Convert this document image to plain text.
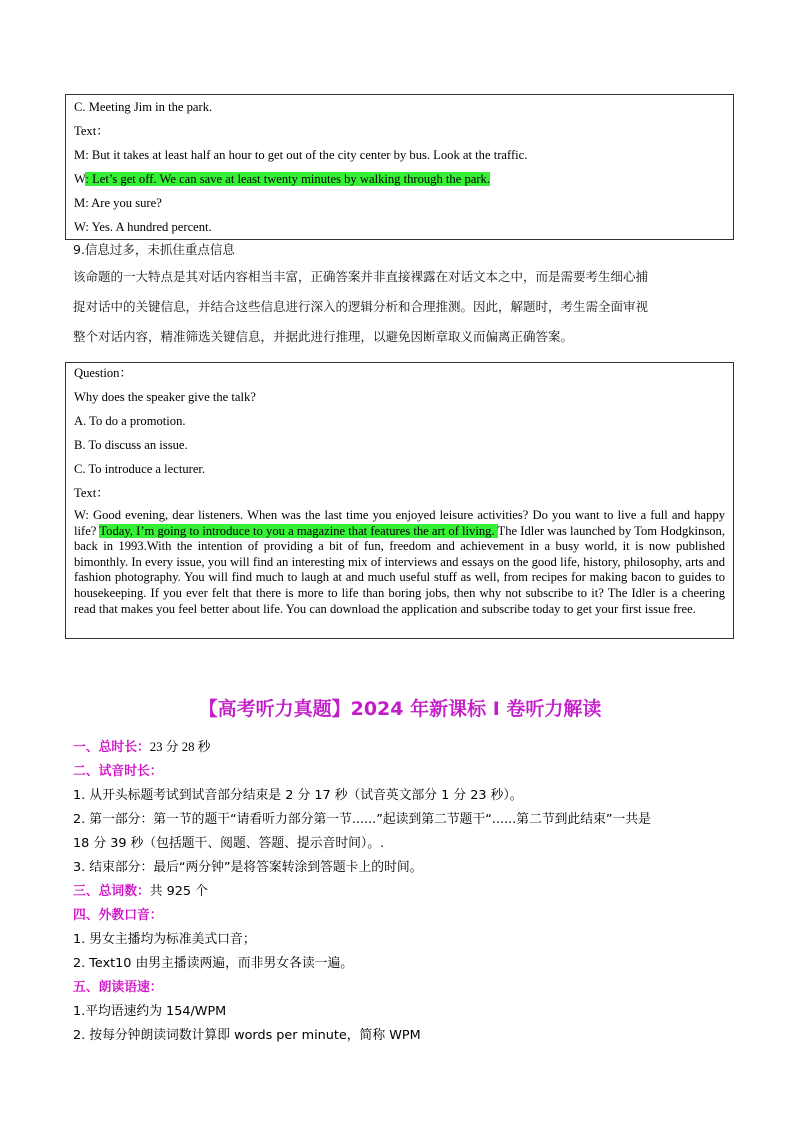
C. Meeting Jim in the park.

Text：

M: But it takes at least half an hour to get out of the city center by bus. Look at the traffic.

W: Let’s get off. We can save at least twenty minutes by walking through the park.

M: Are you sure?

W: Yes. A hundred percent.

9.信息过多，未抓住重点信息

该命题的一大特点是其对话内容相当丰富，正确答案并非直接裸露在对话文本之中，而是需要考生细心捕
捉对话中的关键信息，并结合这些信息进行深入的逻辑分析和合理推测。因此，解题时，考生需全面审视
整个对话内容，精准筛选关键信息，并据此进行推理，以避免因断章取义而偏离正确答案。

Question：

Why does the speaker give the talk?

A. To do a promotion.

B. To discuss an issue.

C. To introduce a lecturer.

Text：

W: Good evening, dear listeners. When was the last time you enjoyed leisure activities? Do you want to live a full and happy life? Today, I’m going to introduce to you a magazine that features the art of living. The Idler was launched by Tom Hodgkinson, back in 1993.With the intention of providing a bit of fun, freedom and achievement in a busy world, it is now published bimonthly. In every issue, you will find an interesting mix of interviews and essays on the good life, history, philosophy, arts and fashion photography. You will find much to laugh at and much useful stuff as well, from recipes for making bacon to guides to housekeeping. If you ever felt that there is more to life than boring jobs, then why not subscribe to it? The Idler is a cheering read that makes you feel better about life. You can download the application and subscribe today to get your first issue free.

【高考听力真题】2024 年新课标 I 卷听力解读

一、总时长：23 分 28 秒

二、试音时长：

1. 从开头标题考试到试音部分结束是 2 分 17 秒（试音英文部分 1 分 23 秒）。

2. 第一部分：第一节的题干“请看听力部分第一节......”起读到第二节题干“......第二节到此结束”一共是

18 分 39 秒（包括题干、阅题、答题、提示音时间）。.

3. 结束部分：最后“两分钟”是将答案转涂到答题卡上的时间。

三、总词数：共 925 个

四、外教口音：

1. 男女主播均为标准美式口音；

2. Text10 由男主播读两遍，而非男女各读一遍。

五、朗读语速：

1.平均语速约为 154/WPM

2. 按每分钟朗读词数计算即 words per minute，简称 WPM
